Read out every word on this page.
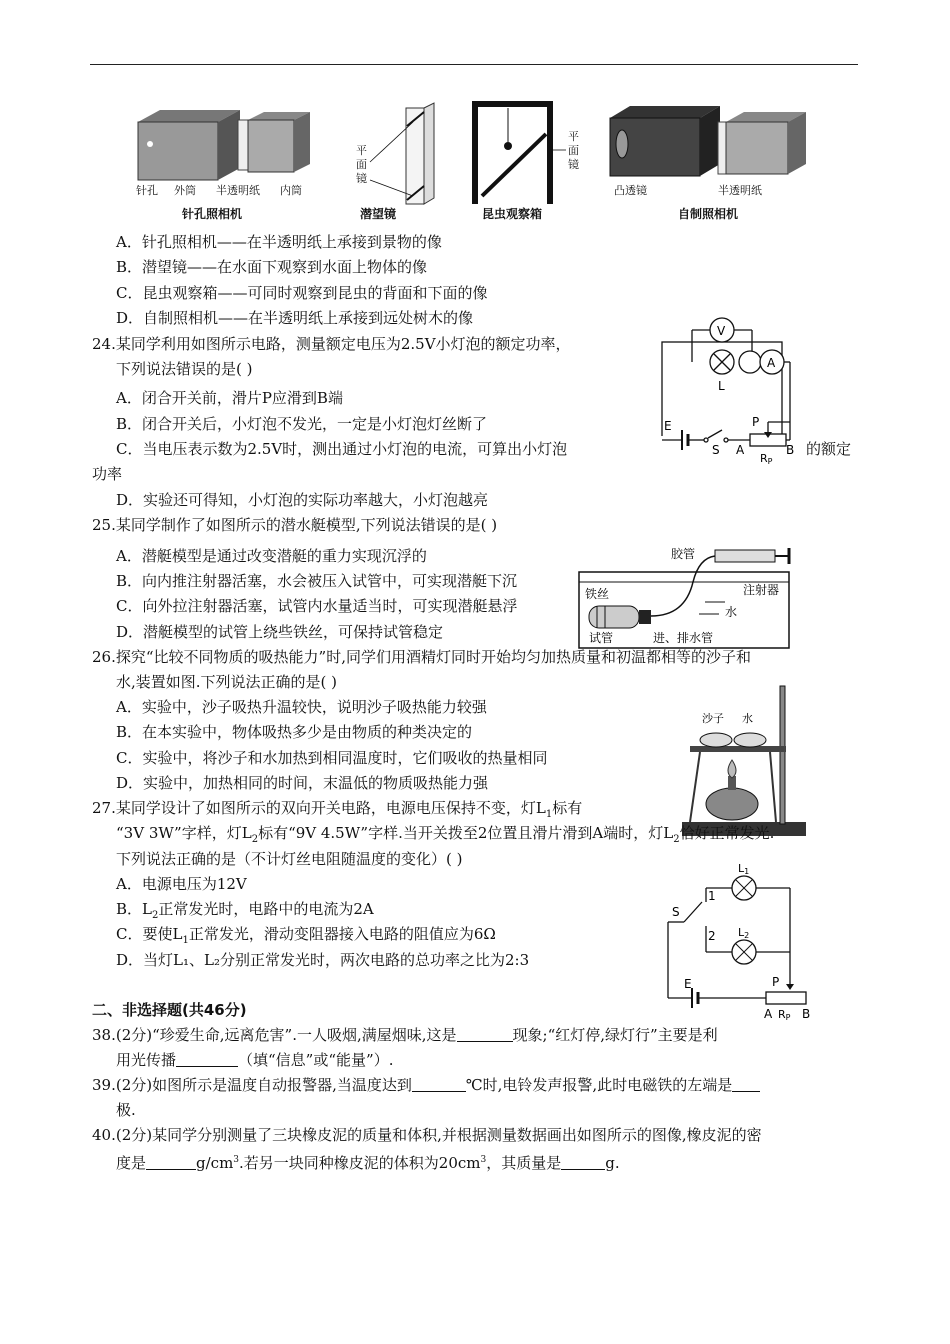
针孔 外筒 半透明纸 内筒
针孔照相机
平
面
镜
潜望镜
平
面
镜
昆虫观察箱
凸透镜	半透明纸
自制照相机
A．针孔照相机——在半透明纸上承接到景物的像
B．潜望镜——在水面下观察到水面上物体的像
C．昆虫观察箱——可同时观察到昆虫的背面和下面的像
D．自制照相机——在半透明纸上承接到远处树木的像
24.某同学利用如图所示电路，测量额定电压为2.5V小灯泡的额定功率，
下列说法错误的是( )
A．闭合开关前，滑片P应滑到B端
B．闭合开关后，小灯泡不发光，一定是小灯泡灯丝断了
C．当电压表示数为2.5V时，测出通过小灯泡的电流，可算出小灯泡	的额定
功率
D．实验还可得知，小灯泡的实际功率越大，小灯泡越亮
V
L
A
E
S
P
A	B
RP
25.某同学制作了如图所示的潜水艇模型,下列说法错误的是( )
A．潜艇模型是通过改变潜艇的重力实现沉浮的
B．向内推注射器活塞，水会被压入试管中，可实现潜艇下沉
C．向外拉注射器活塞，试管内水量适当时，可实现潜艇悬浮
D．潜艇模型的试管上绕些铁丝，可保持试管稳定
胶管
注射器
铁丝
水
试管	进、排水管
26.探究“比较不同物质的吸热能力”时,同学们用酒精灯同时开始均匀加热质量和初温都相等的沙子和
水,装置如图.下列说法正确的是( )
A．实验中，沙子吸热升温较快，说明沙子吸热能力较强
B．在本实验中，物体吸热多少是由物质的种类决定的
C．实验中，将沙子和水加热到相同温度时，它们吸收的热量相同
D．实验中，加热相同的时间，末温低的物质吸热能力强
沙子 水
27.某同学设计了如图所示的双向开关电路，电源电压保持不变，灯$L_1$标有
“3V 3W”字样，灯$L_2$标有“9V 4.5W”字样.当开关拨至2位置且滑片滑到A端时，灯$L_2$恰好正常发光.
下列说法正确的是（不计灯丝电阻随温度的变化）( )
A．电源电压为12V
B．$L_2$正常发光时，电路中的电流为2A
C．要使$L_1$正常发光，滑动变阻器接入电路的阻值应为6Ω
D．当灯L₁、L₂分别正常发光时，两次电路的总功率之比为2:3
S
1
2
E	P
A B
L1
L2
RP
二、非选择题(共46分)
38.(2分)“珍爱生命,远离危害”.一人吸烟,满屋烟味,这是	现象;“红灯停,绿灯行”主要是利
用光传播	（填“信息”或“能量”）.
39.(2分)如图所示是温度自动报警器,当温度达到	℃时,电铃发声报警,此时电磁铁的左端是
极.
40.(2分)某同学分别测量了三块橡皮泥的质量和体积,并根据测量数据画出如图所示的图像,橡皮泥的密
度是	$g/cm^3$.若另一块同种橡皮泥的体积为$20cm^3$，其质量是	g.
